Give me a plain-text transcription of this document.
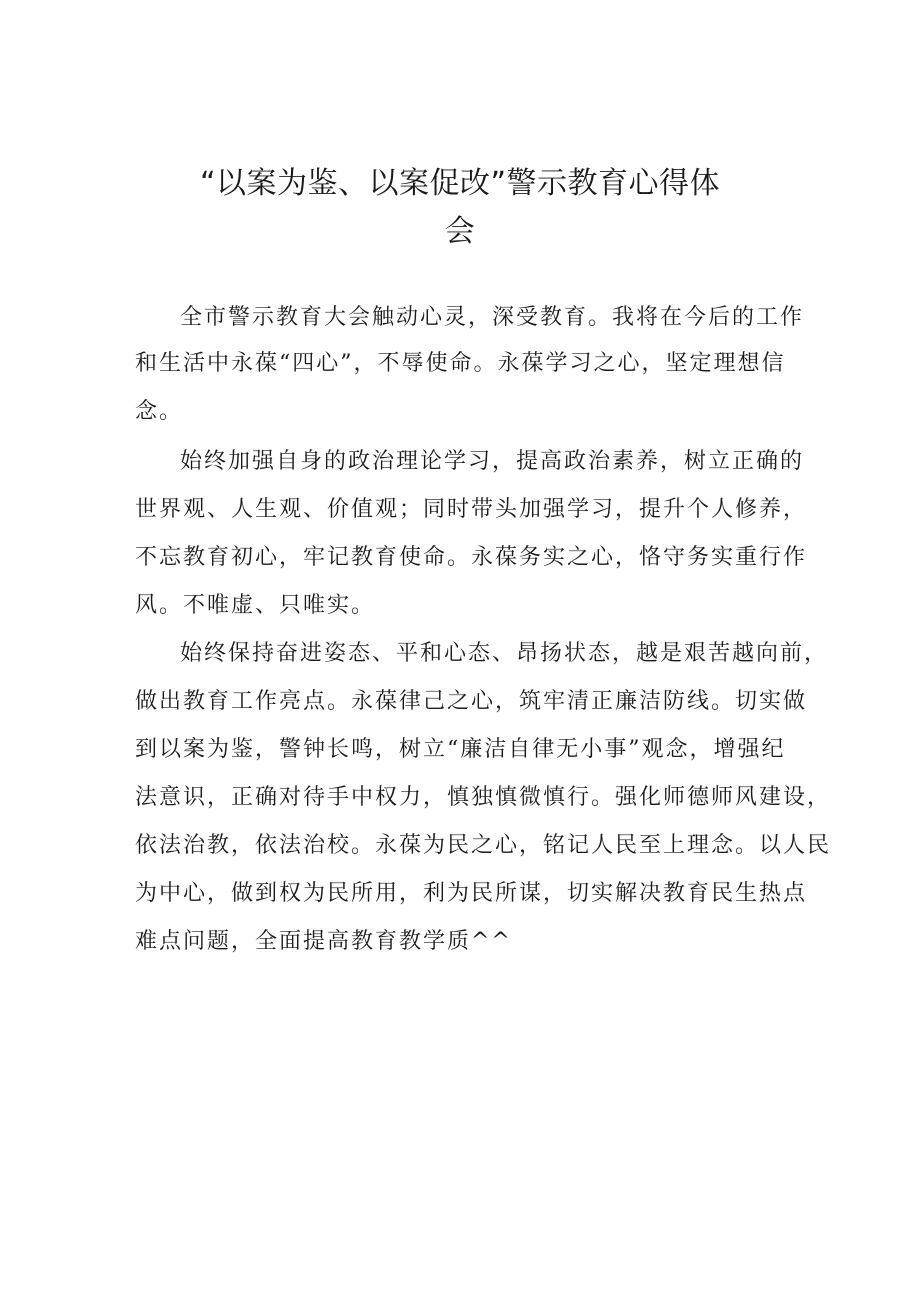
“以案为鉴、以案促改”警示教育心得体
会

全市警示教育大会触动心灵，深受教育。我将在今后的工作

和生活中永葆“四心”，不辱使命。永葆学习之心，坚定理想信

念。

始终加强自身的政治理论学习，提高政治素养，树立正确的

世界观、人生观、价值观；同时带头加强学习，提升个人修养，

不忘教育初心，牢记教育使命。永葆务实之心，恪守务实重行作

风。不唯虚、只唯实。

始终保持奋进姿态、平和心态、昂扬状态，越是艰苦越向前，

做出教育工作亮点。永葆律己之心，筑牢清正廉洁防线。切实做

到以案为鉴，警钟长鸣，树立“廉洁自律无小事”观念，增强纪

法意识，正确对待手中权力，慎独慎微慎行。强化师德师风建设，

依法治教，依法治校。永葆为民之心，铭记人民至上理念。以人民

为中心，做到权为民所用，利为民所谋，切实解决教育民生热点

难点问题，全面提高教育教学质^^
